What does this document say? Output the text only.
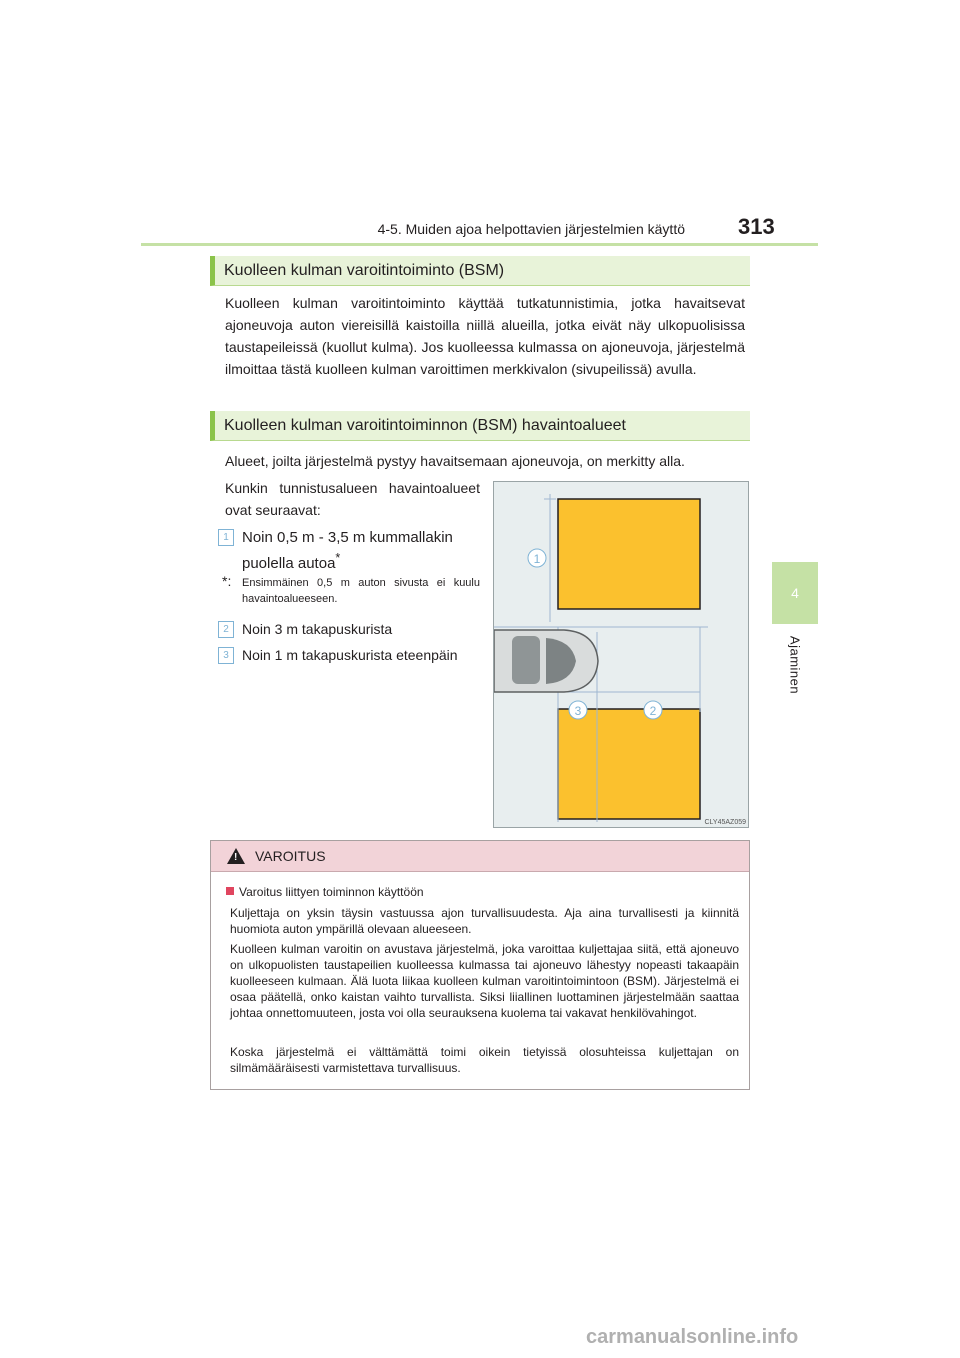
4-5. Muiden ajoa helpottavien järjestelmien käyttö 313
4
Ajaminen
Kuolleen kulman varoitintoiminto (BSM)
Kuolleen kulman varoitintoiminto käyttää tutkatunnistimia, jotka havaitsevat ajoneuvoja auton viereisillä kaistoilla niillä alueilla, jotka eivät näy ulkopuolisissa taustapeileissä (kuollut kulma). Jos kuolleessa kulmassa on ajoneuvoja, järjestelmä ilmoittaa tästä kuolleen kulman varoittimen merkkivalon (sivupeilissä) avulla.
Kuolleen kulman varoitintoiminnon (BSM) havaintoalueet
Alueet, joilta järjestelmä pystyy havaitsemaan ajoneuvoja, on merkitty alla.
Kunkin tunnistusalueen havaintoalueet ovat seuraavat:
1 Noin 0,5 m - 3,5 m kummallakin puolella autoa*
*: Ensimmäinen 0,5 m auton sivusta ei kuulu havaintoalueeseen.
2 Noin 3 m takapuskurista
3 Noin 1 m takapuskurista eteenpäin
1
3	2
CLY45AZ059
! VAROITUS
Varoitus liittyen toiminnon käyttöön
Kuljettaja on yksin täysin vastuussa ajon turvallisuudesta. Aja aina turvallisesti ja kiinnitä huomiota auton ympärillä olevaan alueeseen.
Kuolleen kulman varoitin on avustava järjestelmä, joka varoittaa kuljettajaa siitä, että ajoneuvo on ulkopuolisten taustapeilien kuolleessa kulmassa tai ajoneuvo lähestyy nopeasti takaapäin kuolleeseen kulmaan. Älä luota liikaa kuolleen kulman varoitintoimintoon (BSM). Järjestelmä ei osaa päätellä, onko kaistan vaihto turvallista. Siksi liiallinen luottaminen järjestelmään saattaa johtaa onnettomuuteen, josta voi olla seurauksena kuolema tai vakavat henkilövahingot.
Koska järjestelmä ei välttämättä toimi oikein tietyissä olosuhteissa kuljettajan on silmämääräisesti varmistettava turvallisuus.
carmanualsonline.info
